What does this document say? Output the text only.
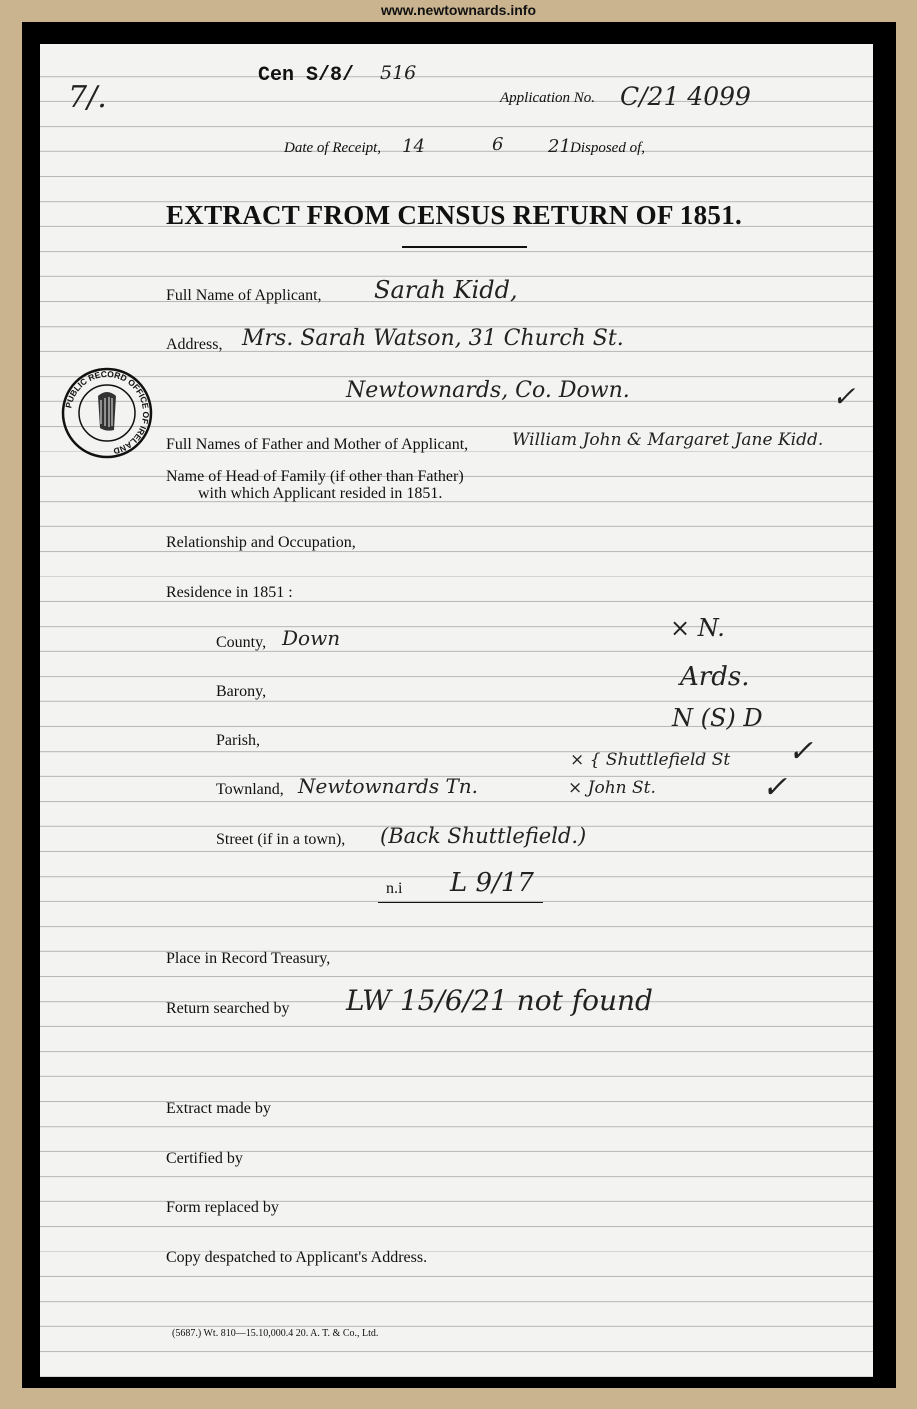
www.newtownards.info
7/.
Cen S/8/ 516
Application No. C/21 4099
Date of Receipt, 14	6 21 Disposed of,
EXTRACT FROM CENSUS RETURN OF 1851.
PUBLIC RECORD OFFICE OF IRELAND
Full Name of Applicant, Sarah Kidd,
Address, Mrs. Sarah Watson, 31 Church St.
Newtownards, Co. Down.	✓
Full Names of Father and Mother of Applicant,	William John & Margaret Jane Kidd.
Name of Head of Family (if other than Father)
with which Applicant resided in 1851.
Relationship and Occupation,
Residence in 1851 :
County, Down	× N.
Barony,	Ards.
Parish,
N (S) D
Townland, Newtownards Tn.
× { Shuttlefield St
× John St.
✓
✓
Street (if in a town), (Back Shuttlefield.)
n.i L 9/17
Place in Record Treasury,
Return searched by LW 15/6/21 not found
Extract made by
Certified by
Form replaced by
Copy despatched to Applicant's Address.
(5687.) Wt. 810—15.10,000.4 20. A. T. & Co., Ltd.
